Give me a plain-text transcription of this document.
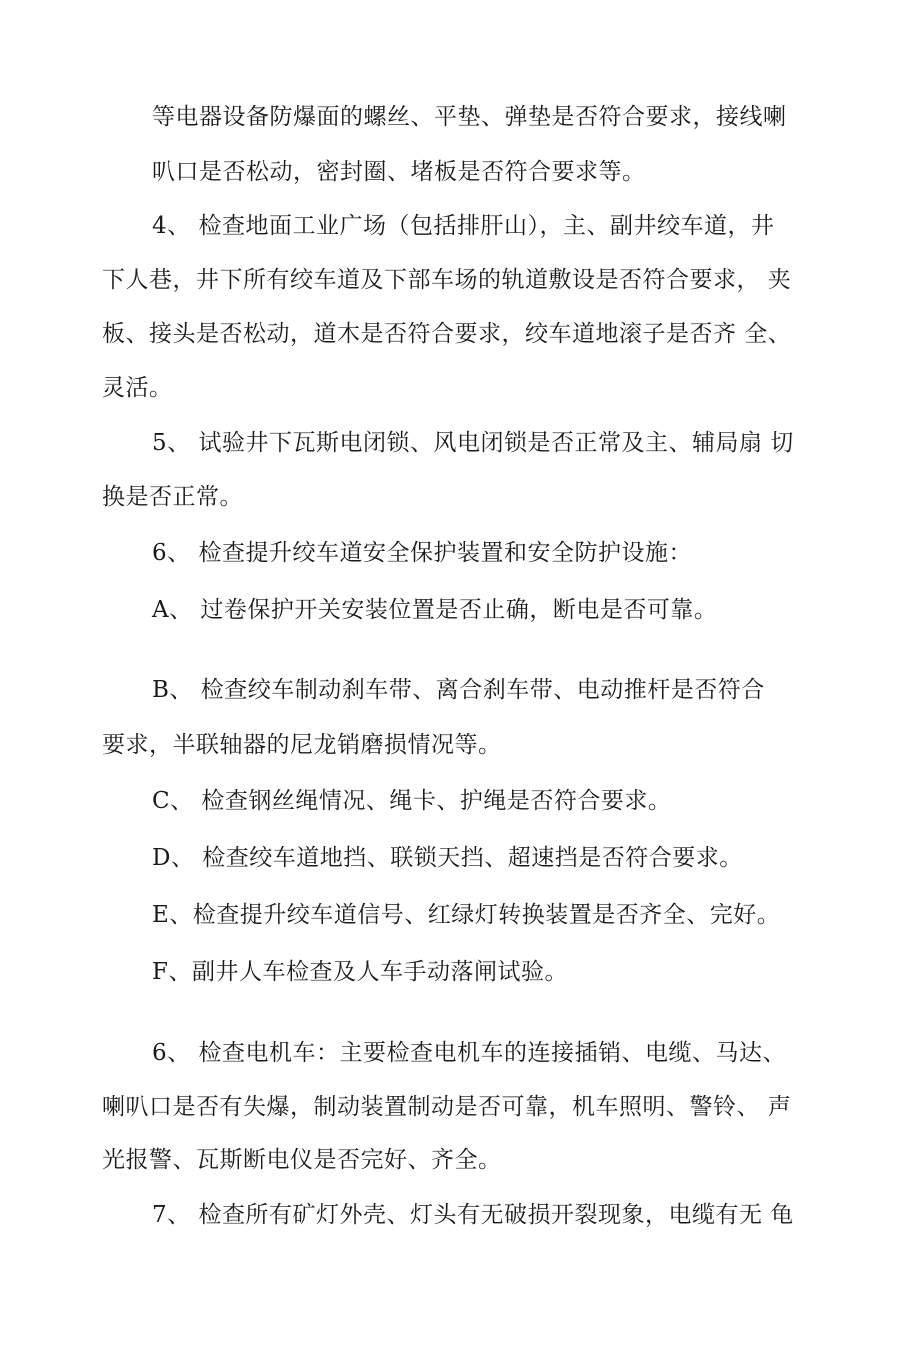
等电器设备防爆面的螺丝、平垫、弹垫是否符合要求，接线喇
叭口是否松动，密封圈、堵板是否符合要求等。
4、 检查地面工业广场（包括排肝山），主、副井绞车道，井
下人巷，井下所有绞车道及下部车场的轨道敷设是否符合要求， 夹
板、接头是否松动，道木是否符合要求，绞车道地滚子是否齐 全、
灵活。
5、 试验井下瓦斯电闭锁、风电闭锁是否正常及主、辅局扇 切
换是否正常。
6、 检查提升绞车道安全保护装置和安全防护设施：
A、 过卷保护开关安装位置是否止确，断电是否可靠。
B、 检查绞车制动刹车带、离合刹车带、电动推杆是否符合
要求，半联轴器的尼龙销磨损情况等。
C、 检查钢丝绳情况、绳卡、护绳是否符合要求。
D、 检查绞车道地挡、联锁天挡、超速挡是否符合要求。
E、检查提升绞车道信号、红绿灯转换装置是否齐全、完好。
F、副井人车检查及人车手动落闸试验。
6、 检查电机车：主要检查电机车的连接插销、电缆、马达、
喇叭口是否有失爆，制动装置制动是否可靠，机车照明、警铃、 声
光报警、瓦斯断电仪是否完好、齐全。
7、 检查所有矿灯外壳、灯头有无破损开裂现象，电缆有无 龟
